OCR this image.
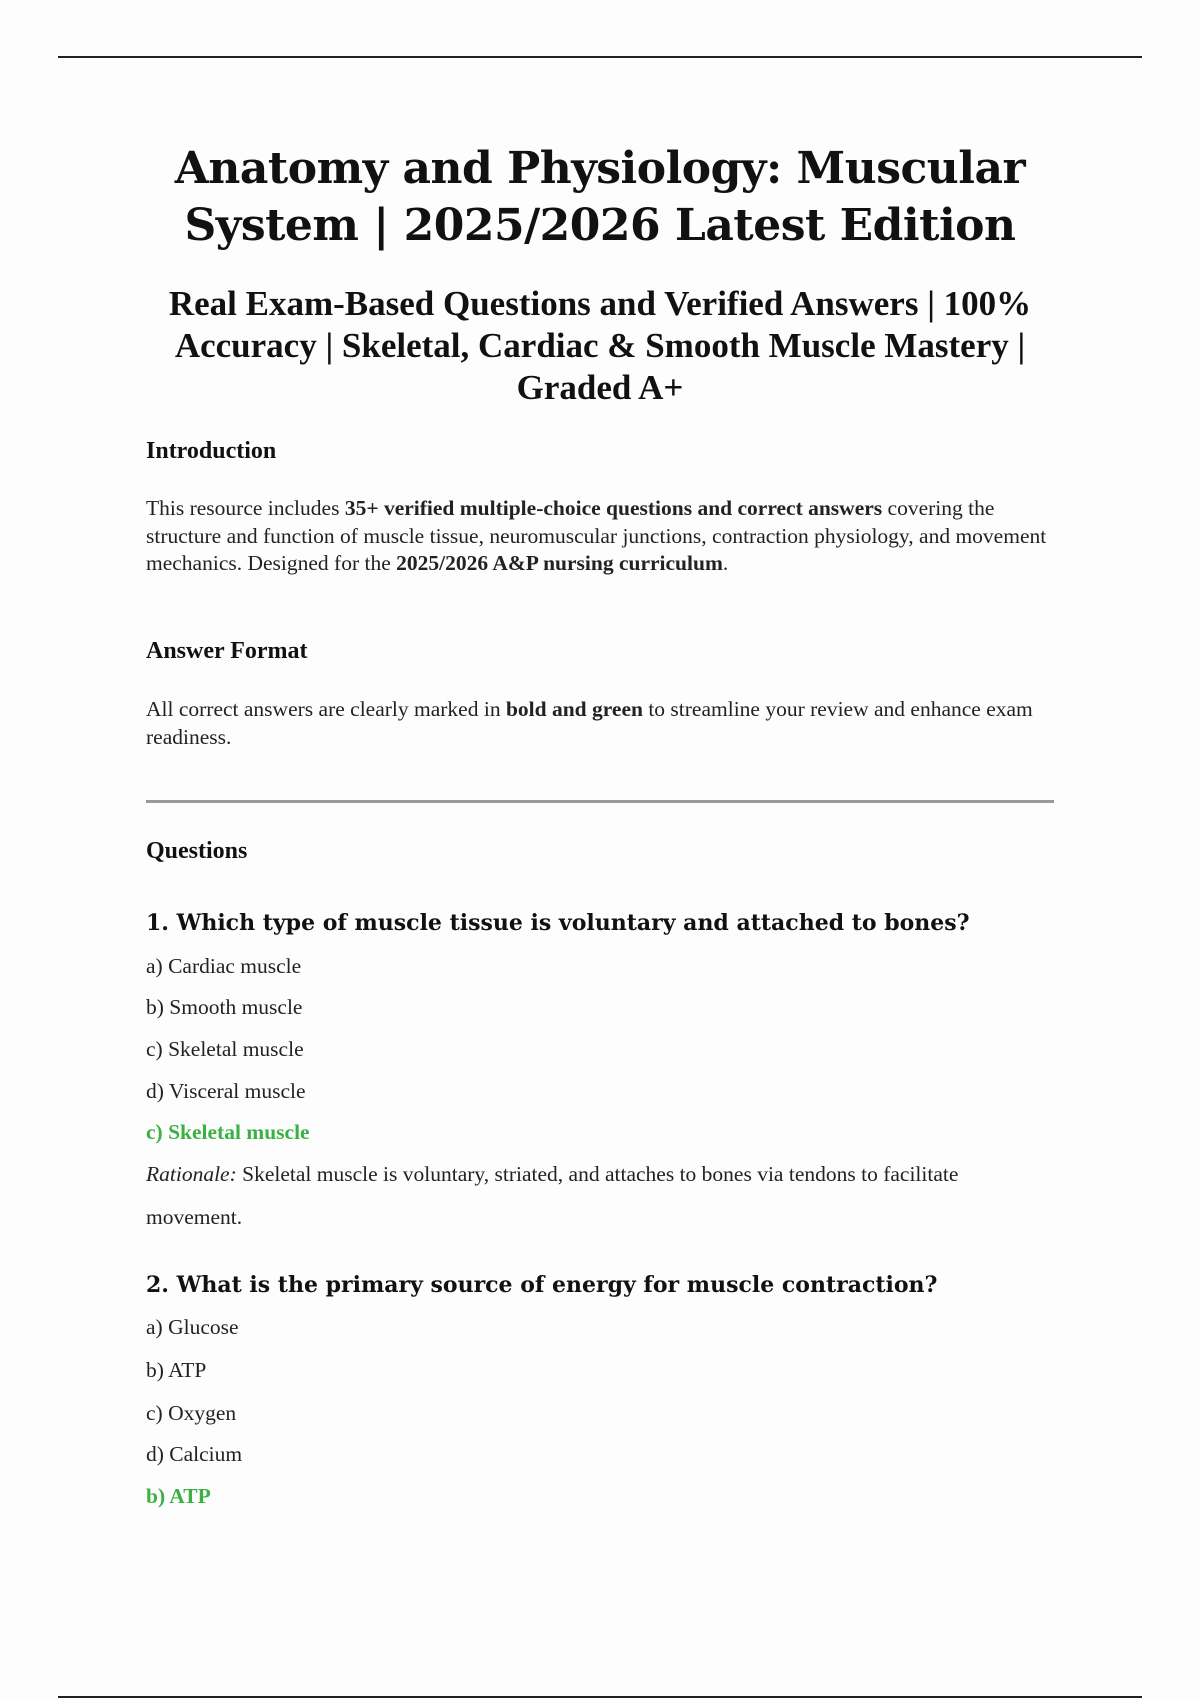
Anatomy and Physiology: Muscular
System | 2025/2026 Latest Edition
Real Exam-Based Questions and Verified Answers | 100%
Accuracy | Skeletal, Cardiac & Smooth Muscle Mastery |
Graded A+
Introduction
This resource includes 35+ verified multiple-choice questions and correct answers covering the structure and function of muscle tissue, neuromuscular junctions, contraction physiology, and movement mechanics. Designed for the 2025/2026 A&P nursing curriculum.
Answer Format
All correct answers are clearly marked in bold and green to streamline your review and enhance exam readiness.
Questions
1. Which type of muscle tissue is voluntary and attached to bones?
a) Cardiac muscle
b) Smooth muscle
c) Skeletal muscle
d) Visceral muscle
c) Skeletal muscle
Rationale: Skeletal muscle is voluntary, striated, and attaches to bones via tendons to facilitate movement.
2. What is the primary source of energy for muscle contraction?
a) Glucose
b) ATP
c) Oxygen
d) Calcium
b) ATP
